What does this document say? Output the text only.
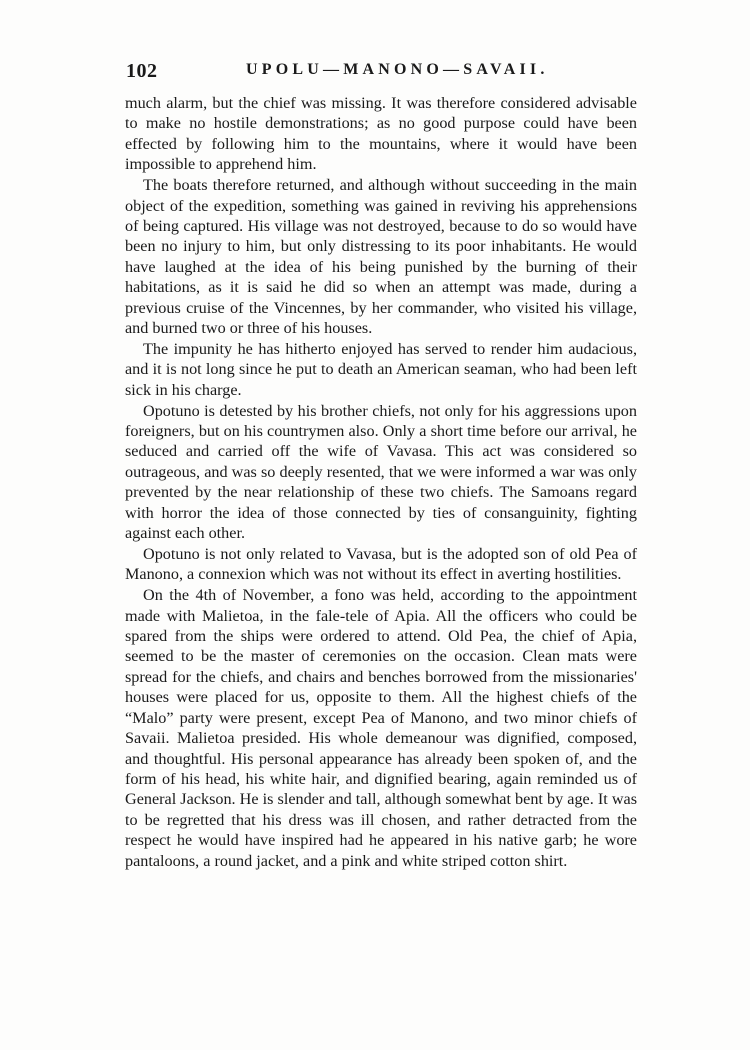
102	UPOLU—MANONO—SAVAII.

much alarm, but the chief was missing. It was therefore considered advisable to make no hostile demonstrations; as no good purpose could have been effected by following him to the mountains, where it would have been impossible to apprehend him.

The boats therefore returned, and although without succeeding in the main object of the expedition, something was gained in reviving his apprehensions of being captured. His village was not destroyed, because to do so would have been no injury to him, but only distressing to its poor inhabitants. He would have laughed at the idea of his being punished by the burning of their habitations, as it is said he did so when an attempt was made, during a previous cruise of the Vincennes, by her commander, who visited his village, and burned two or three of his houses.

The impunity he has hitherto enjoyed has served to render him audacious, and it is not long since he put to death an American seaman, who had been left sick in his charge.

Opotuno is detested by his brother chiefs, not only for his aggressions upon foreigners, but on his countrymen also. Only a short time before our arrival, he seduced and carried off the wife of Vavasa. This act was considered so outrageous, and was so deeply resented, that we were informed a war was only prevented by the near relationship of these two chiefs. The Samoans regard with horror the idea of those connected by ties of consanguinity, fighting against each other.

Opotuno is not only related to Vavasa, but is the adopted son of old Pea of Manono, a connexion which was not without its effect in averting hostilities.

On the 4th of November, a fono was held, according to the appointment made with Malietoa, in the fale-tele of Apia. All the officers who could be spared from the ships were ordered to attend. Old Pea, the chief of Apia, seemed to be the master of ceremonies on the occasion. Clean mats were spread for the chiefs, and chairs and benches borrowed from the missionaries' houses were placed for us, opposite to them. All the highest chiefs of the “Malo” party were present, except Pea of Manono, and two minor chiefs of Savaii. Malietoa presided. His whole demeanour was dignified, composed, and thoughtful. His personal appearance has already been spoken of, and the form of his head, his white hair, and dignified bearing, again reminded us of General Jackson. He is slender and tall, although somewhat bent by age. It was to be regretted that his dress was ill chosen, and rather detracted from the respect he would have inspired had he appeared in his native garb; he wore pantaloons, a round jacket, and a pink and white striped cotton shirt.
